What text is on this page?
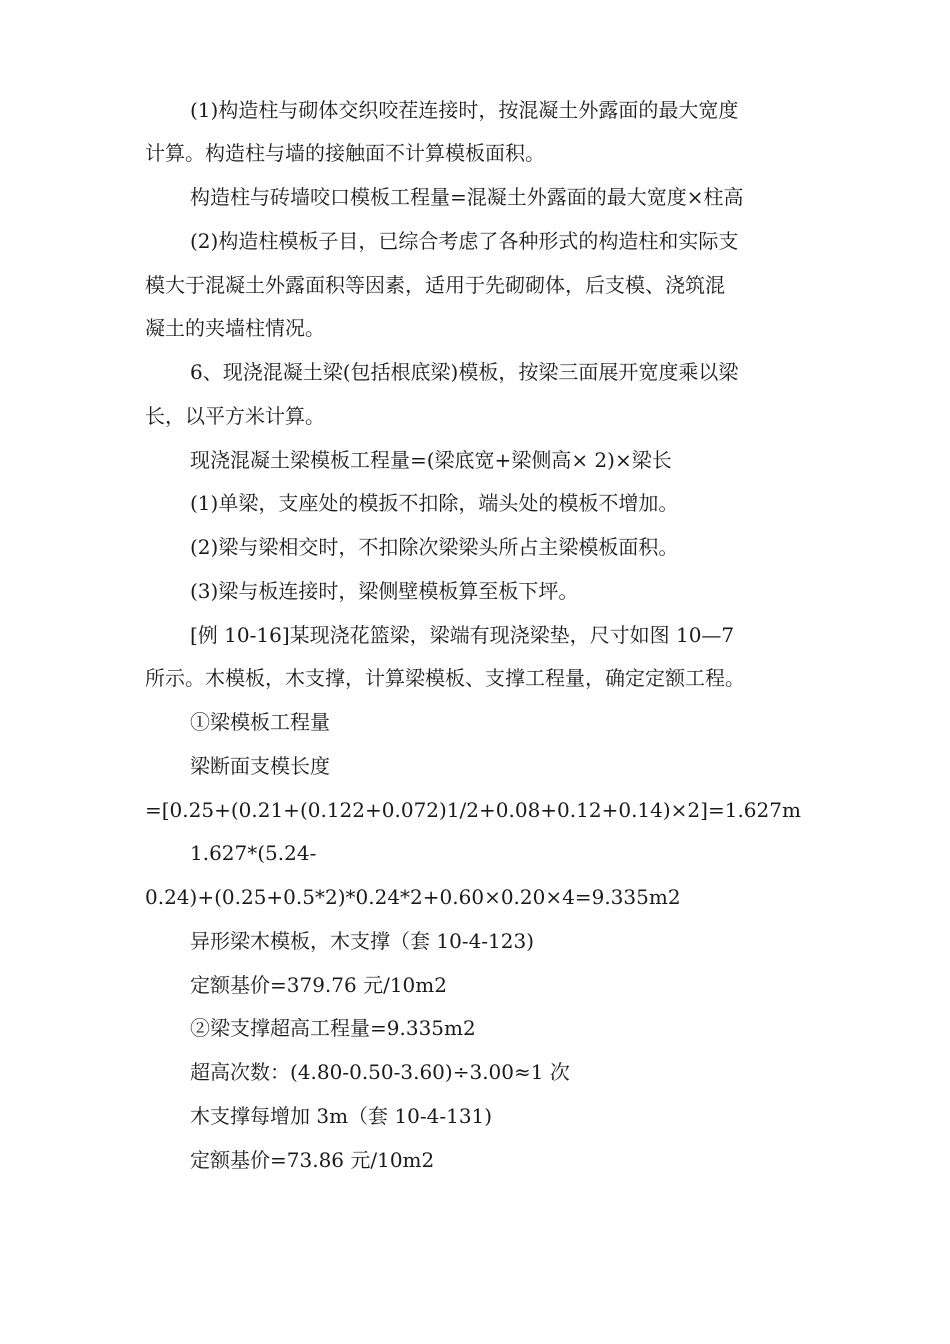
(1)构造柱与砌体交织咬茬连接时，按混凝土外露面的最大宽度
计算。构造柱与墙的接触面不计算模板面积。
构造柱与砖墙咬口模板工程量=混凝土外露面的最大宽度×柱高
(2)构造柱模板子目，已综合考虑了各种形式的构造柱和实际支
模大于混凝土外露面积等因素，适用于先砌砌体，后支模、浇筑混
凝土的夹墙柱情况。
6、现浇混凝土梁(包括根底梁)模板，按梁三面展开宽度乘以梁
长，以平方米计算。
现浇混凝土梁模板工程量=(梁底宽+梁侧高× 2)×梁长
(1)单梁，支座处的模扳不扣除，端头处的模板不增加。
(2)梁与梁相交时，不扣除次梁梁头所占主梁模板面积。
(3)梁与板连接时，梁侧壁模板算至板下坪。
[例 10-16]某现浇花篮梁，梁端有现浇梁垫，尺寸如图 10—7
所示。木模板，木支撑，计算梁模板、支撑工程量，确定定额工程。
①梁模板工程量
梁断面支模长度
=[0.25+(0.21+(0.122+0.072)1/2+0.08+0.12+0.14)×2]=1.627m
1.627*(5.24-
0.24)+(0.25+0.5*2)*0.24*2+0.60×0.20×4=9.335m2
异形梁木模板，木支撑（套 10-4-123)
定额基价=379.76 元/10m2
②梁支撑超高工程量=9.335m2
超高次数：(4.80-0.50-3.60)÷3.00≈1 次
木支撑每增加 3m（套 10-4-131)
定额基价=73.86 元/10m2
